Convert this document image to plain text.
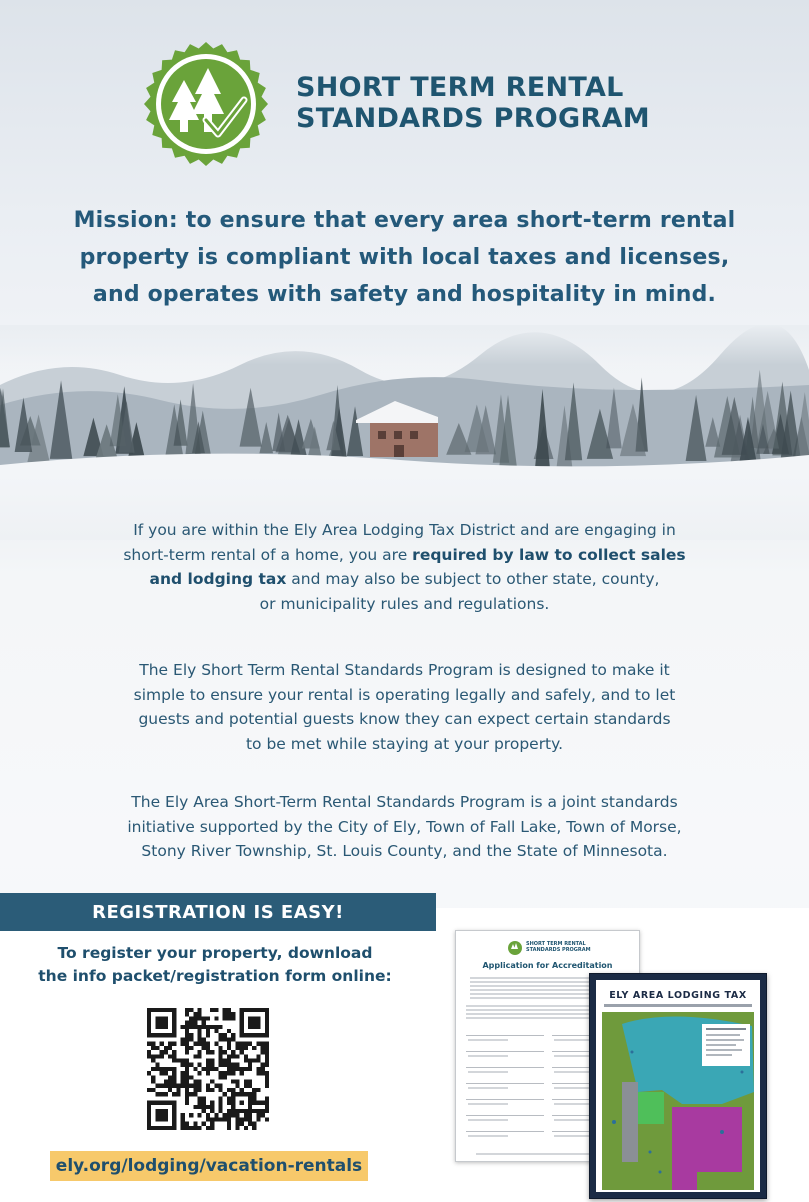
SHORT TERM RENTAL
STANDARDS PROGRAM
Mission: to ensure that every area short-term rental
property is compliant with local taxes and licenses,
and operates with safety and hospitality in mind.
If you are within the Ely Area Lodging Tax District and are engaging in
short-term rental of a home, you are required by law to collect sales
and lodging tax and may also be subject to other state, county,
or municipality rules and regulations.
The Ely Short Term Rental Standards Program is designed to make it
simple to ensure your rental is operating legally and safely, and to let
guests and potential guests know they can expect certain standards
to be met while staying at your property.
The Ely Area Short-Term Rental Standards Program is a joint standards
initiative supported by the City of Ely, Town of Fall Lake, Town of Morse,
Stony River Township, St. Louis County, and the State of Minnesota.
REGISTRATION IS EASY!
To register your property, download
the info packet/registration form online:
ely.org/lodging/vacation-rentals
SHORT TERM RENTAL
STANDARDS PROGRAM
Application for Accreditation
ELY AREA LODGING TAX
